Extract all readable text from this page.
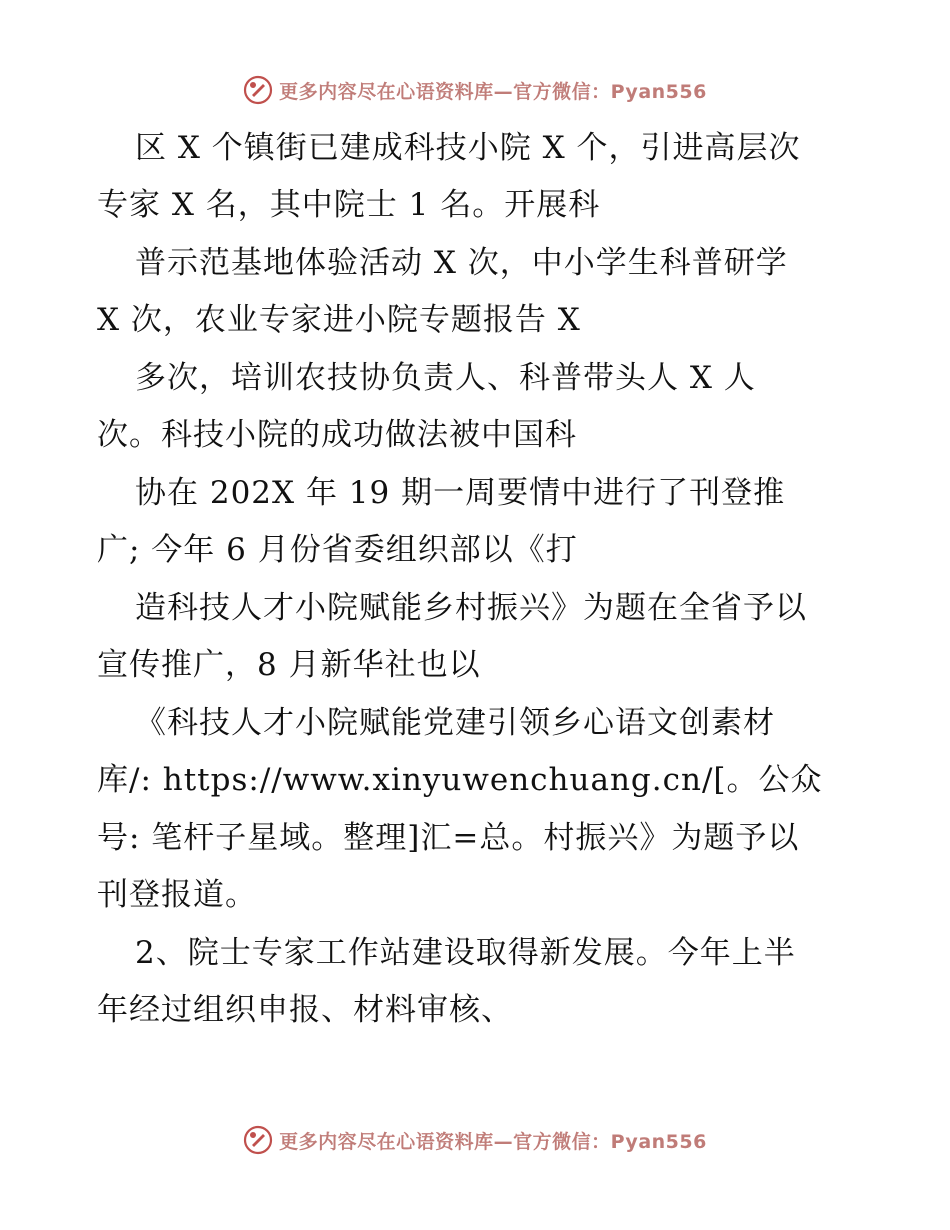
更多内容尽在心语资料库—官方微信：Pyan556
区 X 个镇街已建成科技小院 X 个，引进高层次
专家 X 名，其中院士 1 名。开展科
普示范基地体验活动 X 次，中小学生科普研学
X 次，农业专家进小院专题报告 X
多次，培训农技协负责人、科普带头人 X 人
次。科技小院的成功做法被中国科
协在 202X 年 19 期一周要情中进行了刊登推
广; 今年 6 月份省委组织部以《打
造科技人才小院赋能乡村振兴》为题在全省予以
宣传推广，8 月新华社也以
《科技人才小院赋能党建引领乡心语文创素材
库/: https://www.xinyuwenchuang.cn/[。公众
号: 笔杆子星域。整理]汇=总。村振兴》为题予以
刊登报道。
2、院士专家工作站建设取得新发展。今年上半
年经过组织申报、材料审核、
更多内容尽在心语资料库—官方微信：Pyan556
